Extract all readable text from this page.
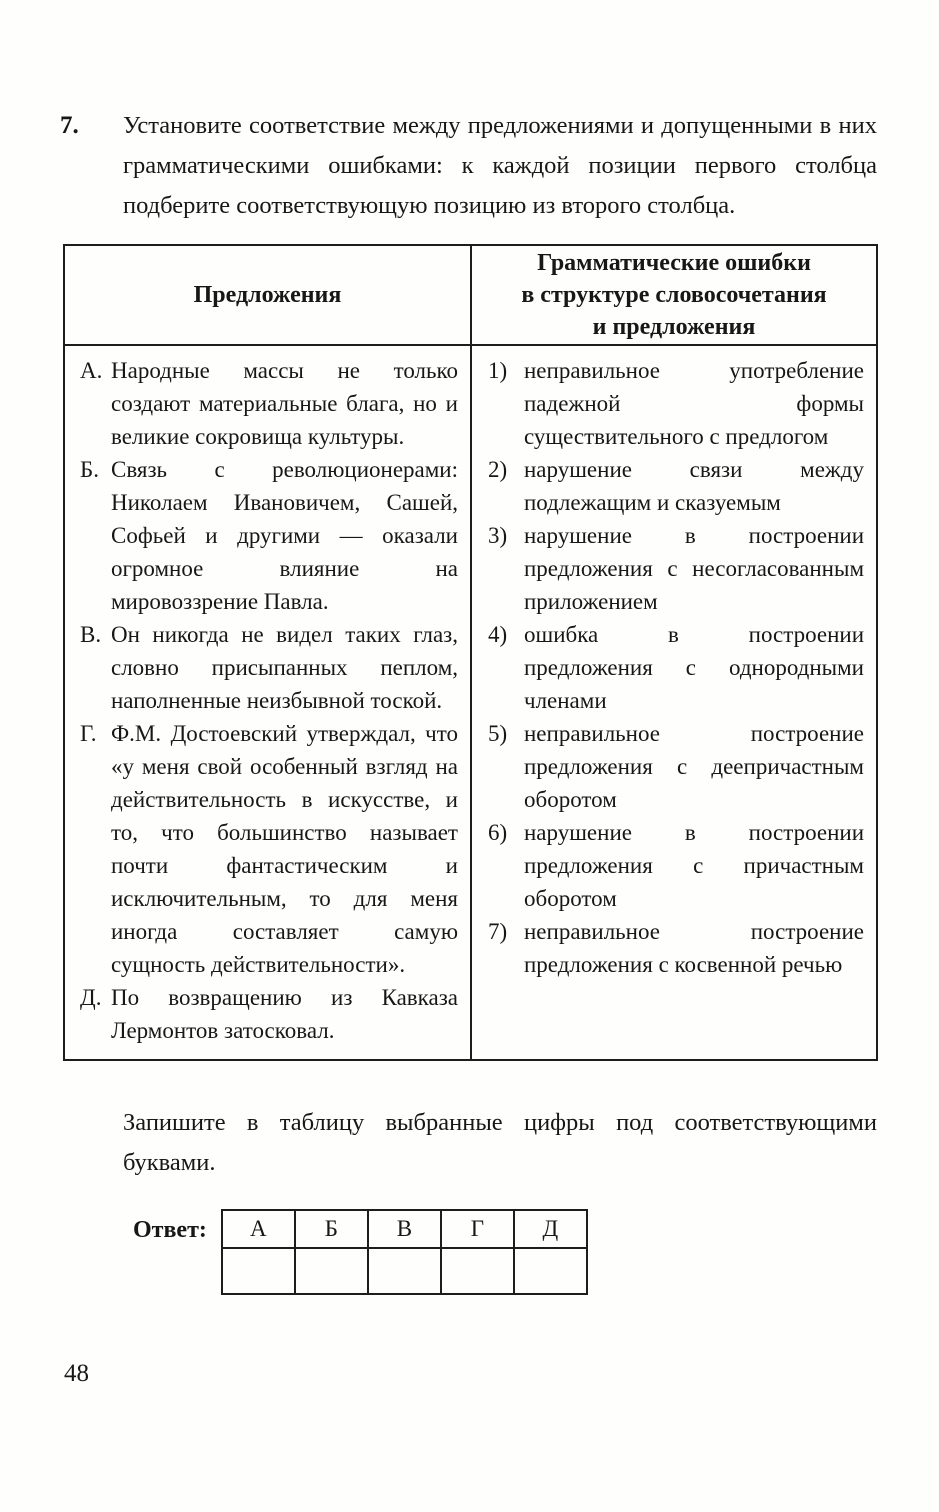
7.	Установите соответствие между предложениями и допущенными в них грамматическими ошибками: к каждой позиции первого столбца подберите соответствующую позицию из второго столбца.
Предложения	Грамматические ошибки
в структуре словосочетания
и предложения

А. Народные массы не только создают материальные блага, но и великие сокровища культуры.
Б. Связь с революционерами: Николаем Ивановичем, Сашей, Софьей и другими — оказали огромное влияние на мировоззрение Павла.
В. Он никогда не видел таких глаз, словно присыпанных пеплом, наполненные неизбывной тоской.
Г. Ф.М. Достоевский утверждал, что «у меня свой особенный взгляд на действительность в искусстве, и то, что большинство называет почти фантастическим и исключительным, то для меня иногда составляет самую сущность действительности».
Д. По возвращению из Кавказа Лермонтов затосковал.

1) неправильное употребление падежной формы существительного с предлогом
2) нарушение связи между подлежащим и сказуемым
3) нарушение в построении предложения с несогласованным приложением
4) ошибка в построении предложения с однородными членами
5) неправильное построение предложения с деепричастным оборотом
6) нарушение в построении предложения с причастным оборотом
7) неправильное построение предложения с косвенной речью
Запишите в таблицу выбранные цифры под соответствующими буквами.
Ответ: А	Б	В	Г	Д

48
